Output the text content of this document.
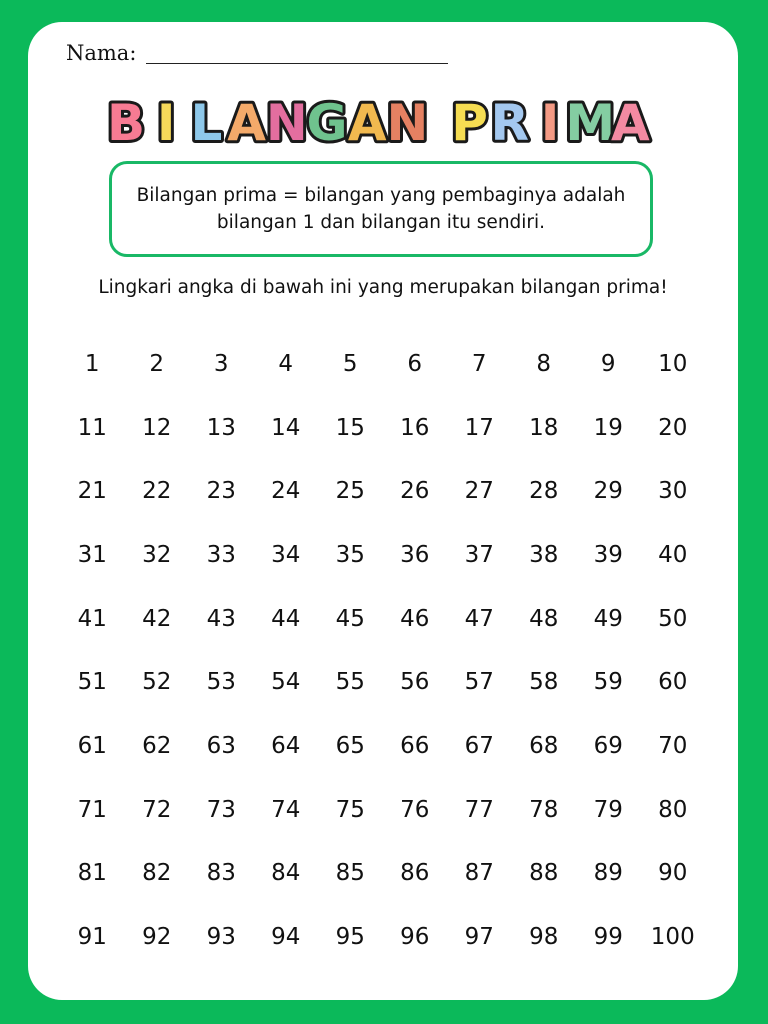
Nama:
B I L A N
G A N P R I M
A
Bilangan prima = bilangan yang pembaginya adalah
bilangan 1 dan bilangan itu sendiri.
Lingkari angka di bawah ini yang merupakan bilangan prima!
1	2	3	4	5	6	7	8	9	10
11	12	13	14	15	16	17	18	19	20
21	22	23	24	25	26	27	28	29	30
31	32	33	34	35	36	37	38	39	40
41	42	43	44	45	46	47	48	49	50
51	52	53	54	55	56	57	58	59	60
61	62	63	64	65	66	67	68	69	70
71	72	73	74	75	76	77	78	79	80
81	82	83	84	85	86	87	88	89	90
91	92	93	94	95	96	97	98	99	100
